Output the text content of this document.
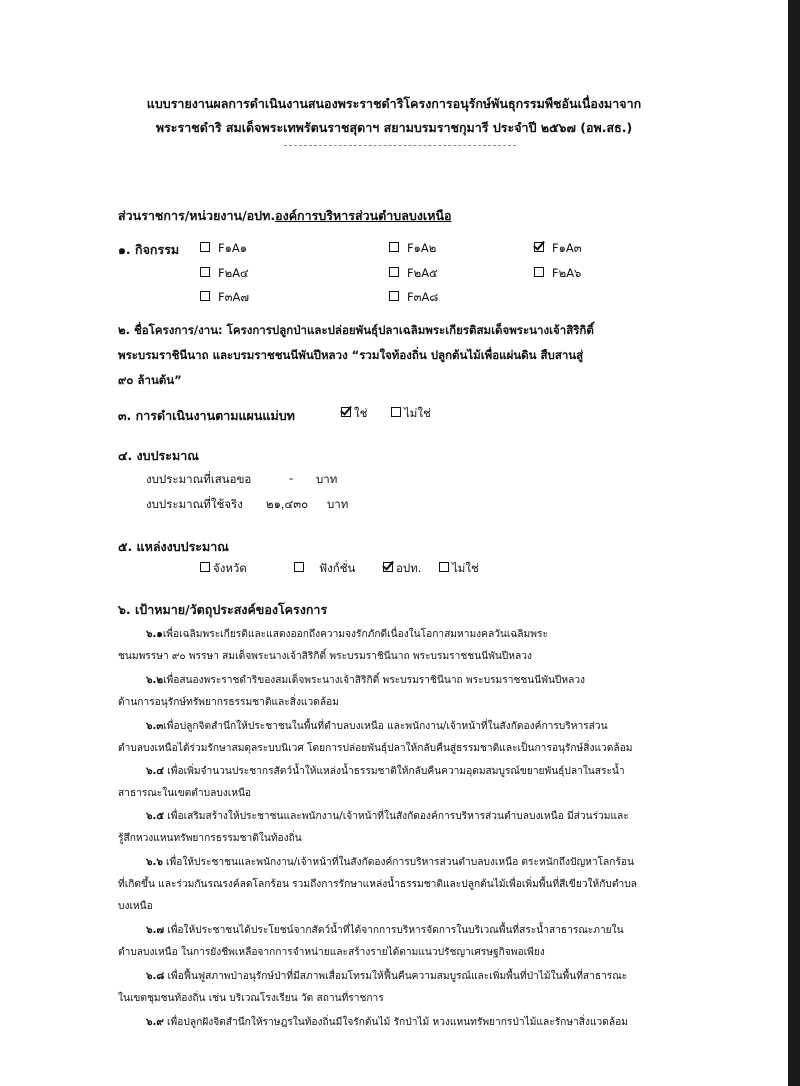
แบบรายงานผลการดำเนินงานสนองพระราชดำริโครงการอนุรักษ์พันธุกรรมพืชอันเนื่องมาจาก
พระราชดำริ สมเด็จพระเทพรัตนราชสุดาฯ สยามบรมราชกุมารี ประจำปี ๒๕๖๗ (อพ.สธ.)
ส่วนราชการ/หน่วยงาน/อปท.องค์การบริหารส่วนตำบลบงเหนือ
๑. กิจกรรม	F๑A๑	F๑A๒	F๑A๓
F๒A๔	F๒A๕	F๒A๖
F๓A๗	F๓A๘
๒. ชื่อโครงการ/งาน: โครงการปลูกป่าและปล่อยพันธุ์ปลาเฉลิมพระเกียรติสมเด็จพระนางเจ้าสิริกิติ์
พระบรมราชินีนาถ และบรมราชชนนีพันปีหลวง “รวมใจท้องถิ่น ปลูกต้นไม้เพื่อแผ่นดิน สืบสานสู่
๙๐ ล้านต้น”
๓. การดำเนินงานตามแผนแม่บท	ใช่	ไม่ใช่
๔. งบประมาณ
งบประมาณที่เสนอขอ	- บาท
งบประมาณที่ใช้จริง ๒๑,๔๓๐ บาท
๕. แหล่งงบประมาณ
จังหวัด	ฟังก์ชั่น	อปท.	ไม่ใช่
๖. เป้าหมาย/วัตถุประสงค์ของโครงการ
๖.๑เพื่อเฉลิมพระเกียรติและแสดงออกถึงความจงรักภักดีเนื่องในโอกาสมหามงคลวันเฉลิมพระ
ชนมพรรษา ๙๐ พรรษา สมเด็จพระนางเจ้าสิริกิติ์ พระบรมราชินีนาถ พระบรมราชชนนีพันปีหลวง
๖.๒เพื่อสนองพระราชดำริของสมเด็จพระนางเจ้าสิริกิติ์ พระบรมราชินีนาถ พระบรมราชชนนีพันปีหลวง
ด้านการอนุรักษ์ทรัพยากรธรรมชาติและสิ่งแวดล้อม
๖.๓เพื่อปลูกจิตสำนึกให้ประชาชนในพื้นที่ตำบลบงเหนือ และพนักงาน/เจ้าหน้าที่ในสังกัดองค์การบริหารส่วน
ตำบลบงเหนือได้ร่วมรักษาสมดุลระบบนิเวศ โดยการปล่อยพันธุ์ปลาให้กลับคืนสู่ธรรมชาติและเป็นการอนุรักษ์สิ่งแวดล้อม
๖.๔ เพื่อเพิ่มจำนวนประชากรสัตว์น้ำให้แหล่งน้ำธรรมชาติให้กลับคืนความอุดมสมบูรณ์ขยายพันธุ์ปลาในสระน้ำ
สาธารณะในเขตตำบลบงเหนือ
๖.๕ เพื่อเสริมสร้างให้ประชาชนและพนักงาน/เจ้าหน้าที่ในสังกัดองค์การบริหารส่วนตำบลบงเหนือ มีส่วนร่วมและ
รู้สึกหวงแหนทรัพยากรธรรมชาติในท้องถิ่น
๖.๖ เพื่อให้ประชาชนและพนักงาน/เจ้าหน้าที่ในสังกัดองค์การบริหารส่วนตำบลบงเหนือ ตระหนักถึงปัญหาโลกร้อน
ที่เกิดขึ้น และร่วมกันรณรงค์ลดโลกร้อน รวมถึงการรักษาแหล่งน้ำธรรมชาติและปลูกต้นไม้เพื่อเพิ่มพื้นที่สีเขียวให้กับตำบล
บงเหนือ
๖.๗ เพื่อให้ประชาชนได้ประโยชน์จากสัตว์น้ำที่ได้จากการบริหารจัดการในบริเวณพื้นที่สระน้ำสาธารณะภายใน
ตำบลบงเหนือ ในการยังชีพเหลือจากการจำหน่ายและสร้างรายได้ตามแนวปรัชญาเศรษฐกิจพอเพียง
๖.๘ เพื่อฟื้นฟูสภาพป่าอนุรักษ์ป่าที่มีสภาพเสื่อมโทรมให้ฟื้นคืนความสมบูรณ์และเพิ่มพื้นที่ป่าไม้ในพื้นที่สาธารณะ
ในเขตชุมชนท้องถิ่น เช่น บริเวณโรงเรียน วัด สถานที่ราชการ
๖.๙ เพื่อปลูกฝังจิตสำนึกให้ราษฎรในท้องถิ่นมีใจรักต้นไม้ รักป่าไม้ หวงแหนทรัพยากรป่าไม้และรักษาสิ่งแวดล้อม
